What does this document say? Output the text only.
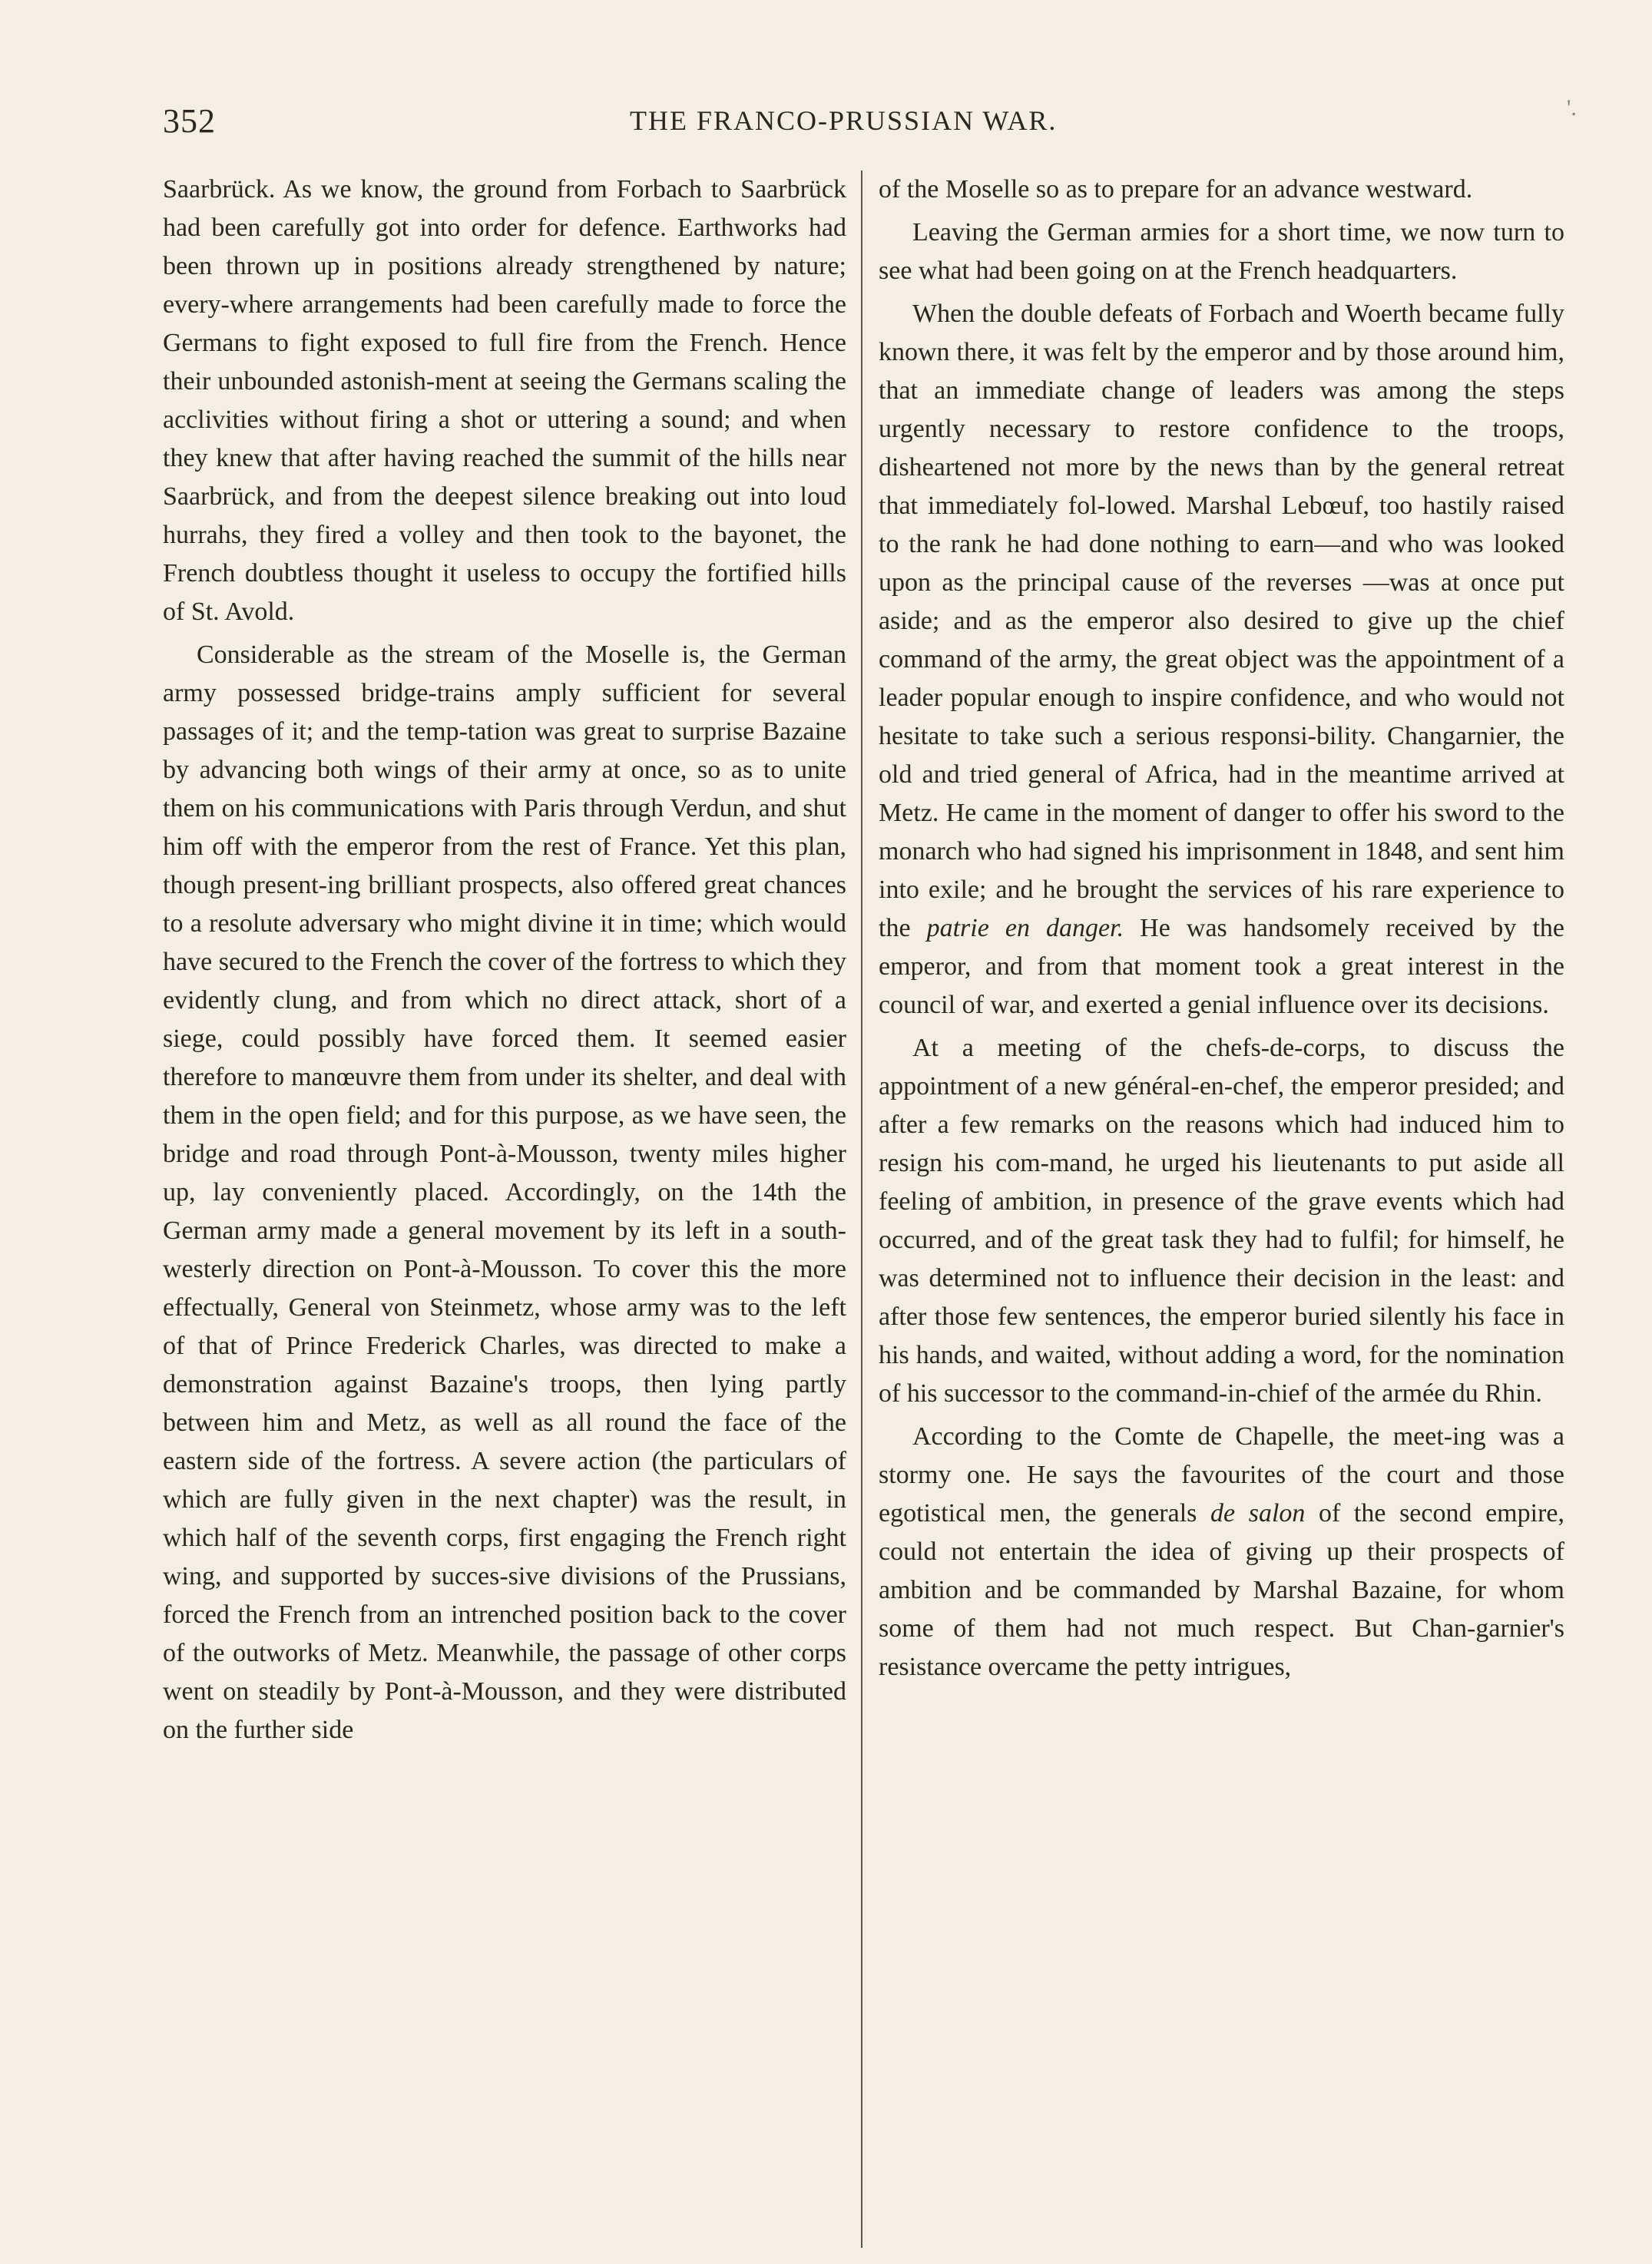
352	THE FRANCO-PRUSSIAN WAR.	'.

Saarbrück. As we know, the ground from Forbach to Saarbrück had been carefully got into order for defence. Earthworks had been thrown up in positions already strengthened by nature; every-where arrangements had been carefully made to force the Germans to fight exposed to full fire from the French. Hence their unbounded astonish-ment at seeing the Germans scaling the acclivities without firing a shot or uttering a sound; and when they knew that after having reached the summit of the hills near Saarbrück, and from the deepest silence breaking out into loud hurrahs, they fired a volley and then took to the bayonet, the French doubtless thought it useless to occupy the fortified hills of St. Avold.

Considerable as the stream of the Moselle is, the German army possessed bridge-trains amply sufficient for several passages of it; and the temp-tation was great to surprise Bazaine by advancing both wings of their army at once, so as to unite them on his communications with Paris through Verdun, and shut him off with the emperor from the rest of France. Yet this plan, though present-ing brilliant prospects, also offered great chances to a resolute adversary who might divine it in time; which would have secured to the French the cover of the fortress to which they evidently clung, and from which no direct attack, short of a siege, could possibly have forced them. It seemed easier therefore to manœuvre them from under its shelter, and deal with them in the open field; and for this purpose, as we have seen, the bridge and road through Pont-à-Mousson, twenty miles higher up, lay conveniently placed. Accordingly, on the 14th the German army made a general movement by its left in a south-westerly direction on Pont-à-Mousson. To cover this the more effectually, General von Steinmetz, whose army was to the left of that of Prince Frederick Charles, was directed to make a demonstration against Bazaine's troops, then lying partly between him and Metz, as well as all round the face of the eastern side of the fortress. A severe action (the particulars of which are fully given in the next chapter) was the result, in which half of the seventh corps, first engaging the French right wing, and supported by succes-sive divisions of the Prussians, forced the French from an intrenched position back to the cover of the outworks of Metz. Meanwhile, the passage of other corps went on steadily by Pont-à-Mousson, and they were distributed on the further side

of the Moselle so as to prepare for an advance westward.

Leaving the German armies for a short time, we now turn to see what had been going on at the French headquarters.

When the double defeats of Forbach and Woerth became fully known there, it was felt by the emperor and by those around him, that an immediate change of leaders was among the steps urgently necessary to restore confidence to the troops, disheartened not more by the news than by the general retreat that immediately fol-lowed. Marshal Lebœuf, too hastily raised to the rank he had done nothing to earn—and who was looked upon as the principal cause of the reverses —was at once put aside; and as the emperor also desired to give up the chief command of the army, the great object was the appointment of a leader popular enough to inspire confidence, and who would not hesitate to take such a serious responsi-bility. Changarnier, the old and tried general of Africa, had in the meantime arrived at Metz. He came in the moment of danger to offer his sword to the monarch who had signed his imprisonment in 1848, and sent him into exile; and he brought the services of his rare experience to the patrie en danger. He was handsomely received by the emperor, and from that moment took a great interest in the council of war, and exerted a genial influence over its decisions.

At a meeting of the chefs-de-corps, to discuss the appointment of a new général-en-chef, the emperor presided; and after a few remarks on the reasons which had induced him to resign his com-mand, he urged his lieutenants to put aside all feeling of ambition, in presence of the grave events which had occurred, and of the great task they had to fulfil; for himself, he was determined not to influence their decision in the least: and after those few sentences, the emperor buried silently his face in his hands, and waited, without adding a word, for the nomination of his successor to the command-in-chief of the armée du Rhin.

According to the Comte de Chapelle, the meet-ing was a stormy one. He says the favourites of the court and those egotistical men, the generals de salon of the second empire, could not entertain the idea of giving up their prospects of ambition and be commanded by Marshal Bazaine, for whom some of them had not much respect. But Chan-garnier's resistance overcame the petty intrigues,
